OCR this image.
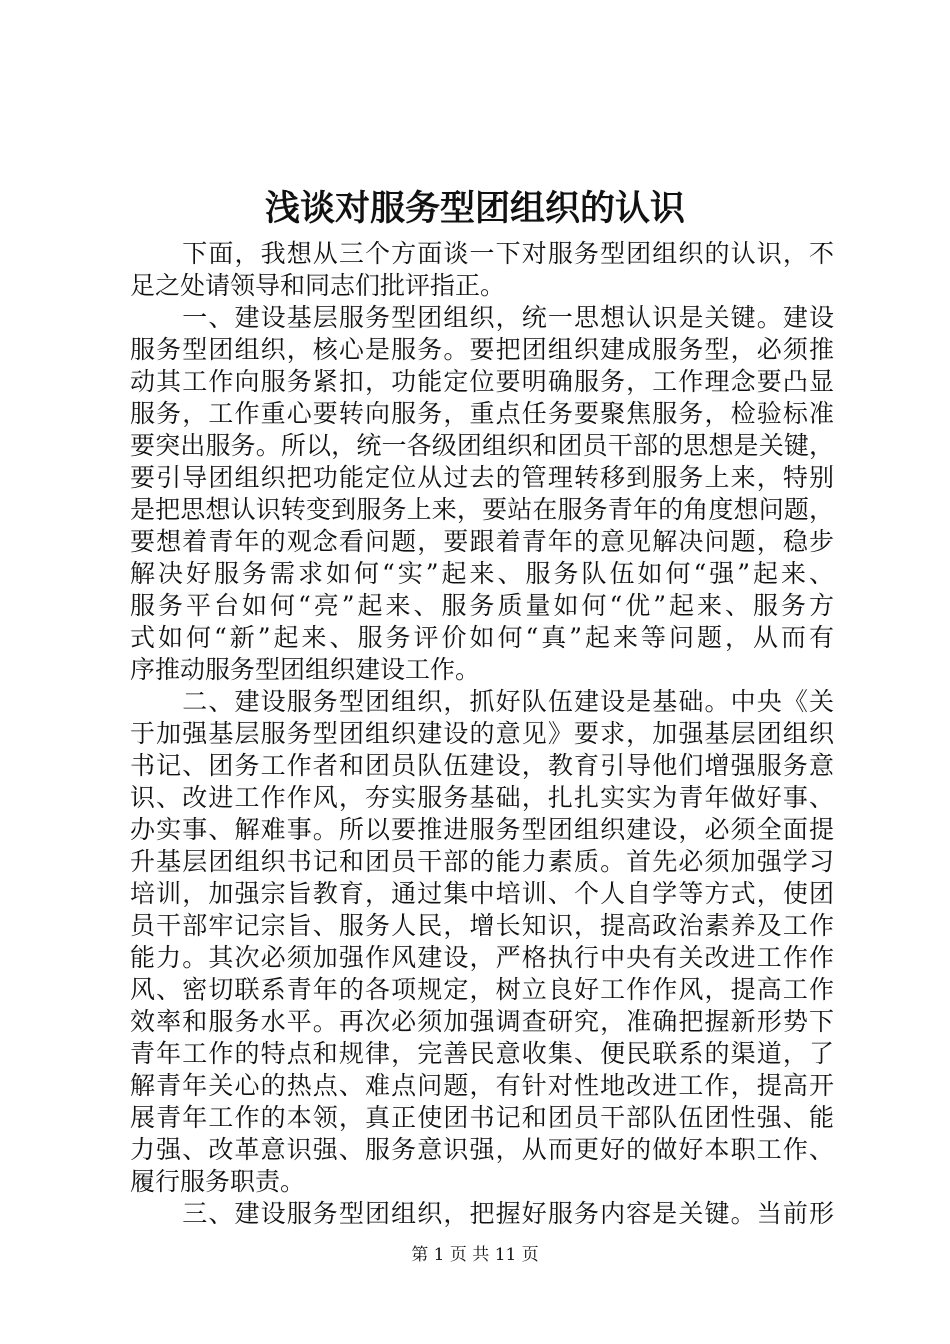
浅谈对服务型团组织的认识
　　下面，我想从三个方面谈一下对服务型团组织的认识，不
足之处请领导和同志们批评指正。
　　一、建设基层服务型团组织，统一思想认识是关键。建设
服务型团组织，核心是服务。要把团组织建成服务型，必须推
动其工作向服务紧扣，功能定位要明确服务，工作理念要凸显
服务，工作重心要转向服务，重点任务要聚焦服务，检验标准
要突出服务。所以，统一各级团组织和团员干部的思想是关键，
要引导团组织把功能定位从过去的管理转移到服务上来，特别
是把思想认识转变到服务上来，要站在服务青年的角度想问题，
要想着青年的观念看问题，要跟着青年的意见解决问题，稳步
解决好服务需求如何“实”起来、服务队伍如何“强”起来、
服务平台如何“亮”起来、服务质量如何“优”起来、服务方
式如何“新”起来、服务评价如何“真”起来等问题，从而有
序推动服务型团组织建设工作。
　　二、建设服务型团组织，抓好队伍建设是基础。中央《关
于加强基层服务型团组织建设的意见》要求，加强基层团组织
书记、团务工作者和团员队伍建设，教育引导他们增强服务意
识、改进工作作风，夯实服务基础，扎扎实实为青年做好事、
办实事、解难事。所以要推进服务型团组织建设，必须全面提
升基层团组织书记和团员干部的能力素质。首先必须加强学习
培训，加强宗旨教育，通过集中培训、个人自学等方式，使团
员干部牢记宗旨、服务人民，增长知识，提高政治素养及工作
能力。其次必须加强作风建设，严格执行中央有关改进工作作
风、密切联系青年的各项规定，树立良好工作作风，提高工作
效率和服务水平。再次必须加强调查研究，准确把握新形势下
青年工作的特点和规律，完善民意收集、便民联系的渠道，了
解青年关心的热点、难点问题，有针对性地改进工作，提高开
展青年工作的本领，真正使团书记和团员干部队伍团性强、能
力强、改革意识强、服务意识强，从而更好的做好本职工作、
履行服务职责。
　　三、建设服务型团组织，把握好服务内容是关键。当前形
第 1 页 共 11 页
